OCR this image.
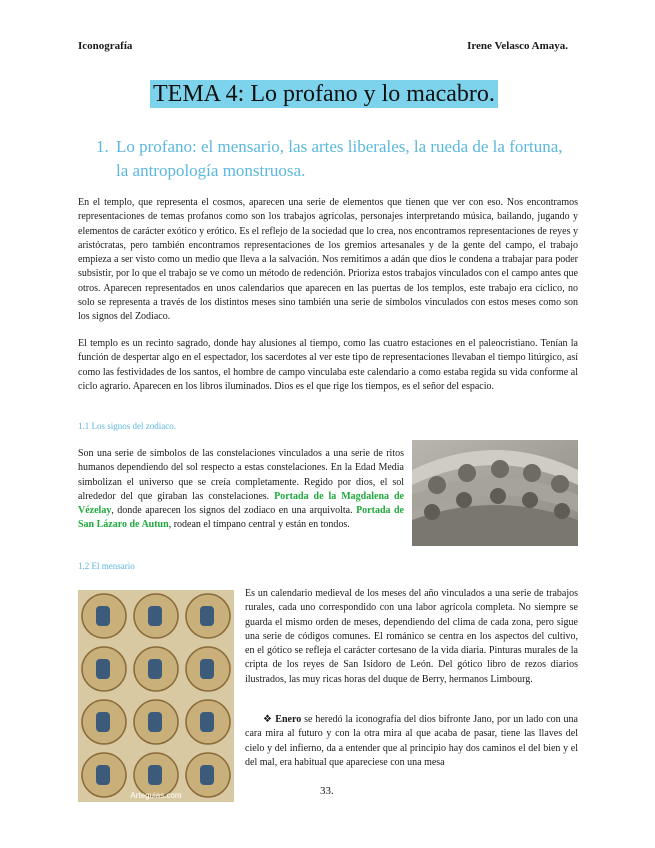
Iconografía	Irene Velasco Amaya.
TEMA 4: Lo profano y lo macabro.
1. Lo profano: el mensario, las artes liberales, la rueda de la fortuna, la antropología monstruosa.

En el templo, que representa el cosmos, aparecen una serie de elementos que tienen que ver con eso. Nos encontramos representaciones de temas profanos como son los trabajos agrícolas, personajes interpretando música, bailando, jugando y elementos de carácter exótico y erótico. Es el reflejo de la sociedad que lo crea, nos encontramos representaciones de reyes y aristócratas, pero también encontramos representaciones de los gremios artesanales y de la gente del campo, el trabajo empieza a ser visto como un medio que lleva a la salvación. Nos remitimos a adán que dios le condena a trabajar para poder subsistir, por lo que el trabajo se ve como un método de redención. Prioriza estos trabajos vinculados con el campo antes que otros. Aparecen representados en unos calendarios que aparecen en las puertas de los templos, este trabajo era cíclico, no solo se representa a través de los distintos meses sino también una serie de símbolos vinculados con estos meses como son los signos del Zodiaco.

El templo es un recinto sagrado, donde hay alusiones al tiempo, como las cuatro estaciones en el paleocristiano. Tenían la función de despertar algo en el espectador, los sacerdotes al ver este tipo de representaciones llevaban el tiempo litúrgico, así como las festividades de los santos, el hombre de campo vinculaba este calendario a como estaba regida su vida conforme al ciclo agrario. Aparecen en los libros iluminados. Dios es el que rige los tiempos, es el señor del espacio.

1.1 Los signos del zodiaco.

Son una serie de símbolos de las constelaciones vinculados a una serie de ritos humanos dependiendo del sol respecto a estas constelaciones. En la Edad Media simbolizan el universo que se creía completamente. Regido por dios, el sol alrededor del que giraban las constelaciones. Portada de la Magdalena de Vézelay, donde aparecen los signos del zodiaco en una arquivolta. Portada de San Lázaro de Autun, rodean el tímpano central y están en tondos.

1.2 El mensario
Arteguias.com

Es un calendario medieval de los meses del año vinculados a una serie de trabajos rurales, cada uno correspondido con una labor agrícola completa. No siempre se guarda el mismo orden de meses, dependiendo del clima de cada zona, pero sigue una serie de códigos comunes. El románico se centra en los aspectos del cultivo, en el gótico se refleja el carácter cortesano de la vida diaria. Pinturas murales de la cripta de los reyes de San Isidoro de León. Del gótico libro de rezos diarios ilustrados, las muy ricas horas del duque de Berry, hermanos Limbourg.

❖ Enero se heredó la iconografía del dios bifronte Jano, por un lado con una cara mira al futuro y con la otra mira al que acaba de pasar, tiene las llaves del cielo y del infierno, da a entender que al principio hay dos caminos el del bien y el del mal, era habitual que apareciese con una mesa

33.
